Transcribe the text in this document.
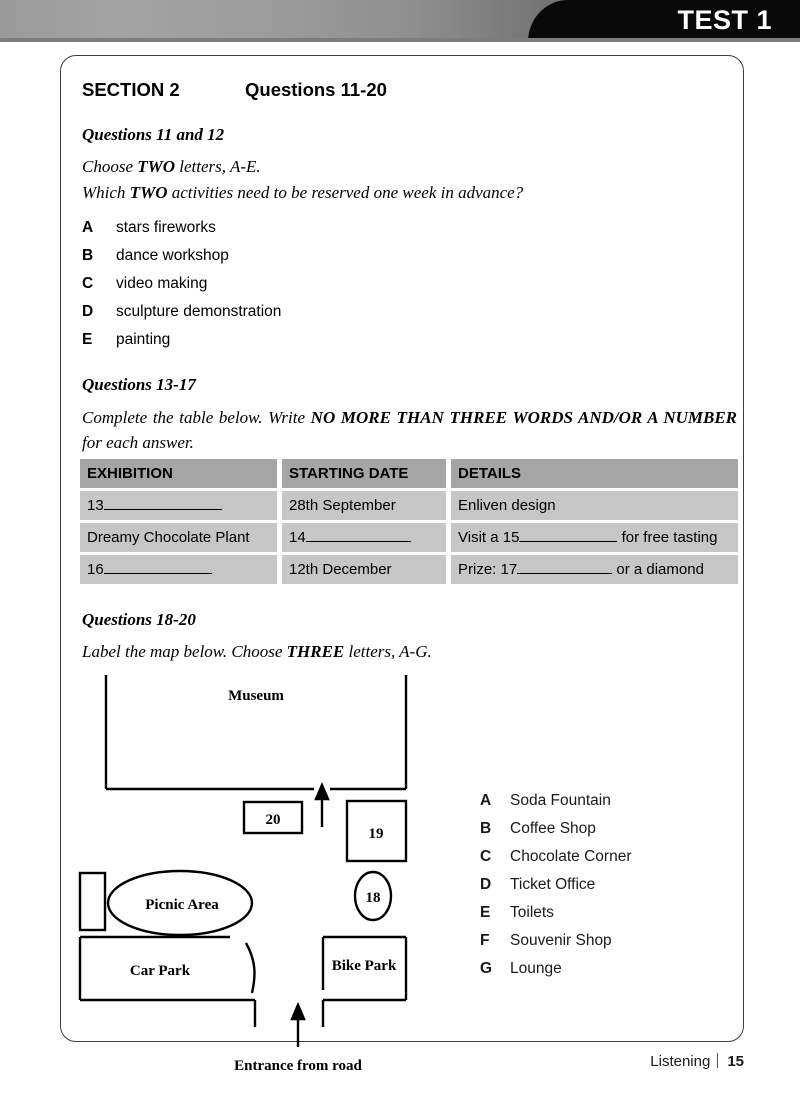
TEST 1
SECTION 2	Questions 11-20
Questions 11 and 12
Choose TWO letters, A-E.
Which TWO activities need to be reserved one week in advance?
A stars fireworks
B dance workshop
C video making
D sculpture demonstration
E painting
Questions 13-17
Complete the table below. Write NO MORE THAN THREE WORDS AND/OR A NUMBER for each answer.
EXHIBITION	STARTING DATE	DETAILS
13	28th September	Enliven design
Dreamy Chocolate Plant	14	Visit a 15	for free tasting
16	12th December	Prize: 17	or a diamond
Questions 18-20
Label the map below. Choose THREE letters, A-G.
Museum
20
19
18
Picnic Area
Car Park	Bike Park
Entrance from road
A Soda Fountain
B Coffee Shop
C Chocolate Corner
D Ticket Office
E Toilets
F Souvenir Shop
G Lounge
Listening 15
